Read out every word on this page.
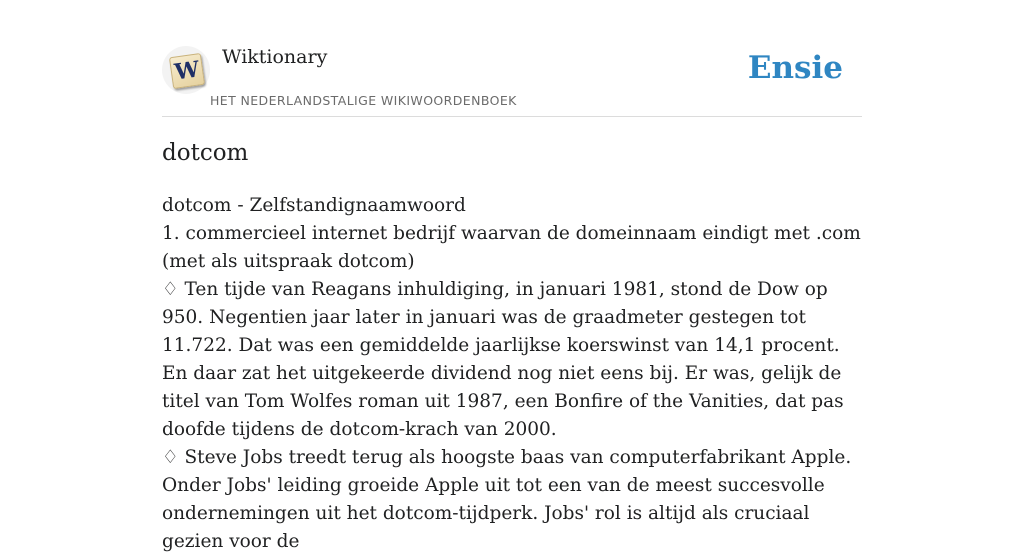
W Wiktionary
HET NEDERLANDSTALIGE WIKIWOORDENBOEK
Ensie
dotcom

dotcom - Zelfstandignaamwoord

1. commercieel internet bedrijf waarvan de domeinnaam eindigt met .com (met als uitspraak dotcom)

♢ Ten tijde van Reagans inhuldiging, in januari 1981, stond de Dow op 950. Negentien jaar later in januari was de graadmeter gestegen tot 11.722. Dat was een gemiddelde jaarlijkse koerswinst van 14,1 procent. En daar zat het uitgekeerde dividend nog niet eens bij. Er was, gelijk de titel van Tom Wolfes roman uit 1987, een Bonfire of the Vanities, dat pas doofde tijdens de dotcom-krach van 2000.

♢ Steve Jobs treedt terug als hoogste baas van computerfabrikant Apple. Onder Jobs' leiding groeide Apple uit tot een van de meest succesvolle ondernemingen uit het dotcom-tijdperk. Jobs' rol is altijd als cruciaal gezien voor de
